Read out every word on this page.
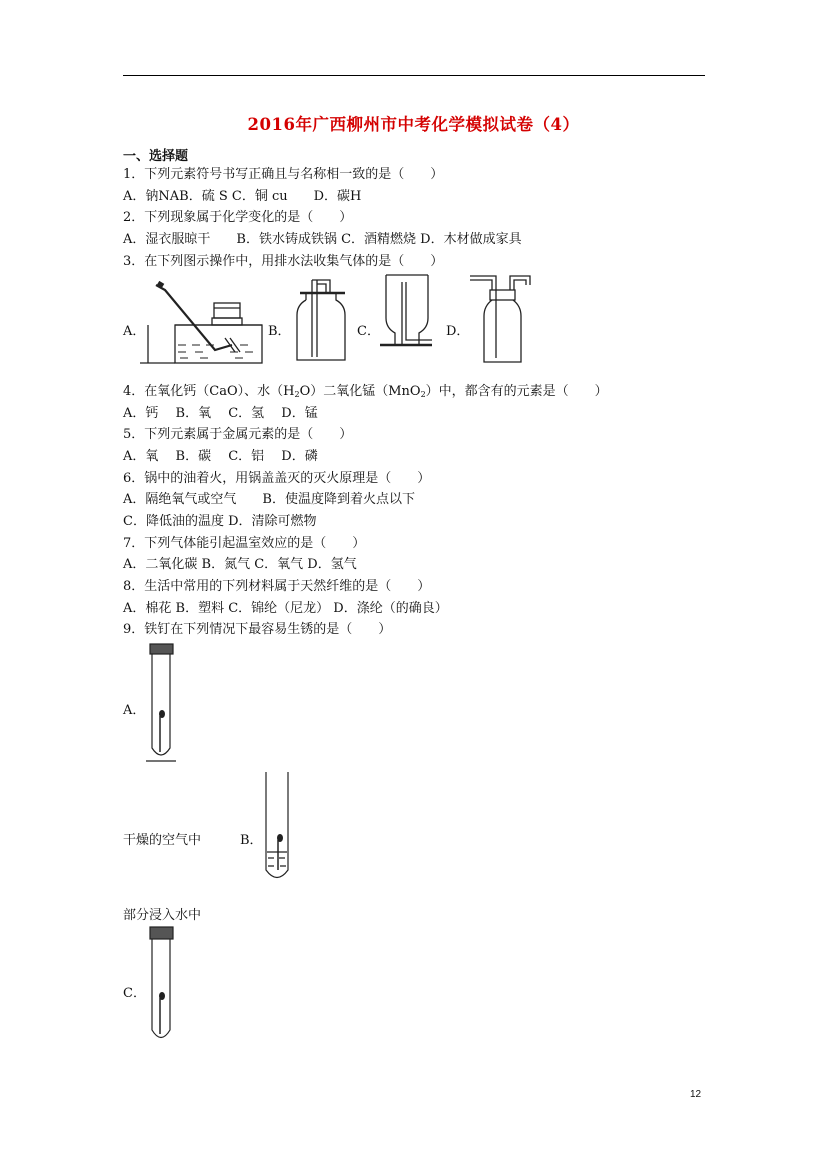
2016年广西柳州市中考化学模拟试卷（4）
一、选择题
1．下列元素符号书写正确且与名称相一致的是（　　）
A．钠NAB．硫 S C．铜 cu　　D．碳H
2．下列现象属于化学变化的是（　　）
A．湿衣服晾干　　B．铁水铸成铁锅 C．酒精燃烧 D．木材做成家具
3．在下列图示操作中，用排水法收集气体的是（　　）
A．	B．	C．	D．
4．在氧化钙（CaO）、水$(H_2O)$二氧化锰（MnO$_2$）中，都含有的元素是（　　）
A．钙　 B．氧　 C．氢　 D．锰
5．下列元素属于金属元素的是（　　）
A．氧　 B．碳　 C．铝　 D．磷
6．锅中的油着火，用锅盖盖灭的灭火原理是（　　）
A．隔绝氧气或空气　　B．使温度降到着火点以下
C．降低油的温度 D．清除可燃物
7．下列气体能引起温室效应的是（　　）
A．二氧化碳 B．氮气 C．氧气 D．氢气
8．生活中常用的下列材料属于天然纤维的是（　　）
A．棉花 B．塑料 C．锦纶（尼龙） D．涤纶（的确良）
9．铁钉在下列情况下最容易生锈的是（　　）
A．
干燥的空气中	B．
部分浸入水中
C．
12
